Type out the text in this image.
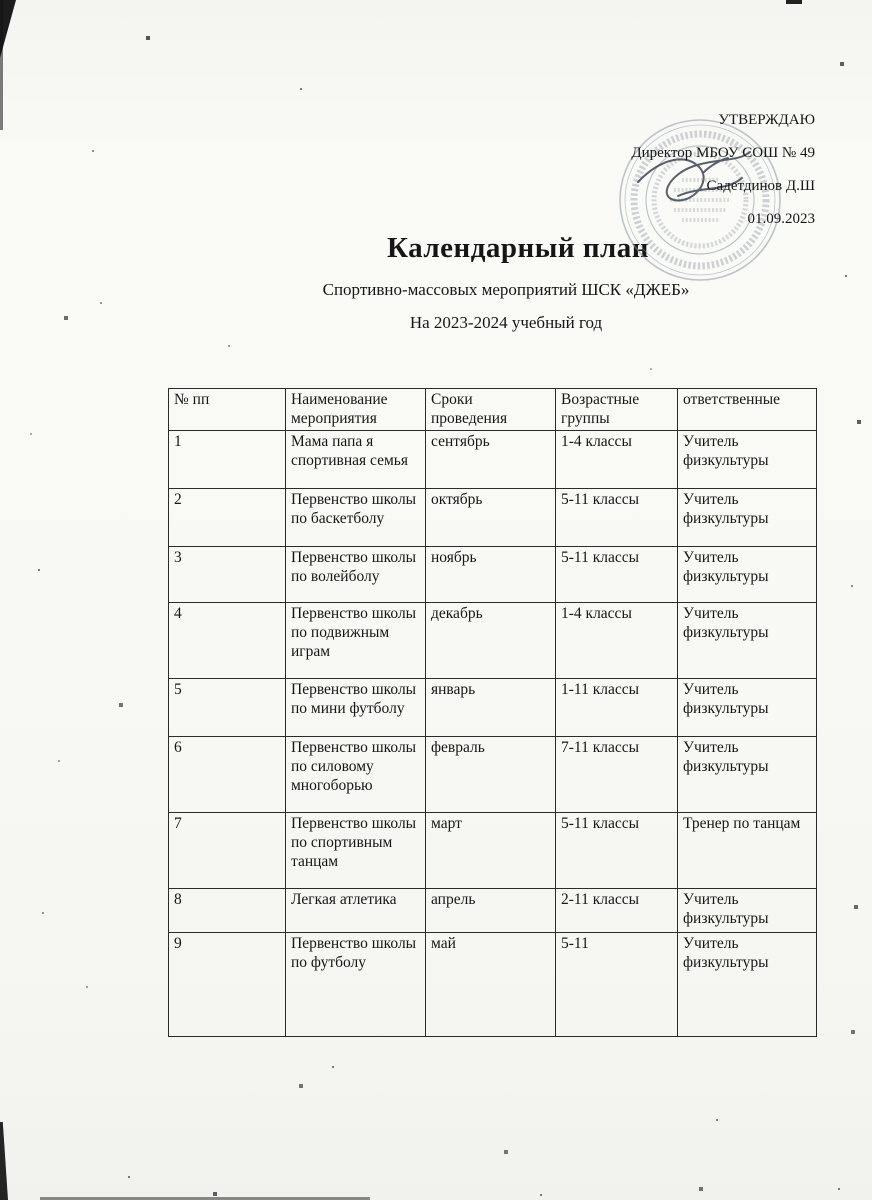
УТВЕРЖДАЮ
Директор МБОУ СОШ № 49
Садетдинов Д.Ш
01.09.2023
Календарный план
Спортивно-массовых мероприятий ШСК «ДЖЕБ»
На 2023-2024 учебный год
№ пп	Наименование мероприятия	Сроки проведения	Возрастные группы	ответственные
1	Мама папа я спортивная семья	сентябрь	1-4 классы	Учитель физкультуры
2	Первенство школы по баскетболу	октябрь	5-11 классы	Учитель физкультуры
3	Первенство школы по волейболу	ноябрь	5-11 классы	Учитель физкультуры
4	Первенство школы по подвижным играм	декабрь	1-4 классы	Учитель физкультуры
5	Первенство школы по мини футболу	январь	1-11 классы	Учитель физкультуры
6	Первенство школы по силовому многоборью	февраль	7-11 классы	Учитель физкультуры
7	Первенство школы по спортивным танцам	март	5-11 классы	Тренер по танцам
8	Легкая атлетика	апрель	2-11 классы	Учитель физкультуры
9	Первенство школы по футболу	май	5-11	Учитель физкультуры
